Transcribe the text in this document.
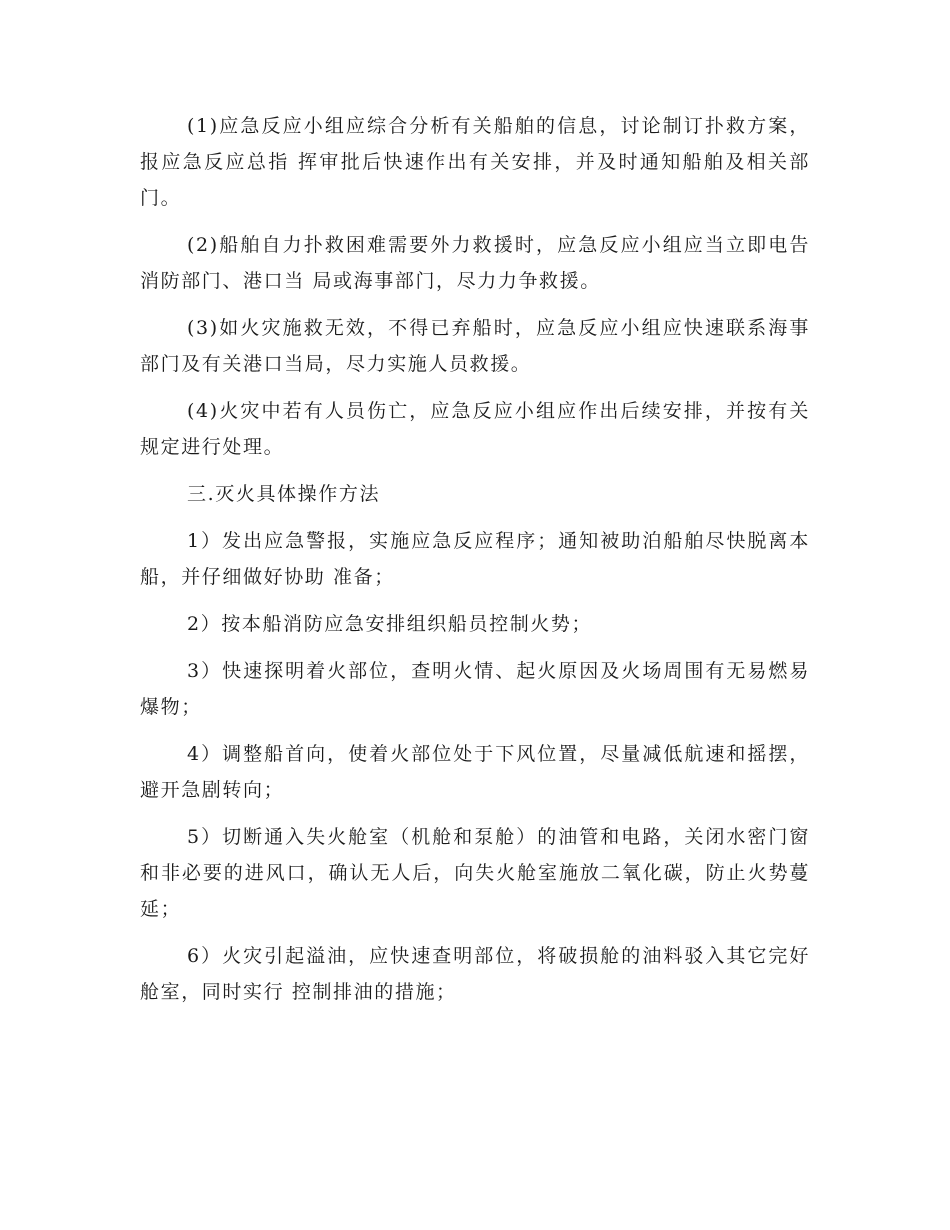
(1)应急反应小组应综合分析有关船舶的信息，讨论制订扑救方案，报应急反应总指 挥审批后快速作出有关安排，并及时通知船舶及相关部门。

(2)船舶自力扑救困难需要外力救援时，应急反应小组应当立即电告消防部门、港口当 局或海事部门，尽力力争救援。

(3)如火灾施救无效，不得已弃船时，应急反应小组应快速联系海事部门及有关港口当局，尽力实施人员救援。

(4)火灾中若有人员伤亡，应急反应小组应作出后续安排，并按有关规定进行处理。

三.灭火具体操作方法

1）发出应急警报，实施应急反应程序；通知被助泊船舶尽快脱离本船，并仔细做好协助 准备；

2）按本船消防应急安排组织船员控制火势；

3）快速探明着火部位，查明火情、起火原因及火场周围有无易燃易爆物；

4）调整船首向，使着火部位处于下风位置，尽量减低航速和摇摆，避开急剧转向；

5）切断通入失火舱室（机舱和泵舱）的油管和电路，关闭水密门窗和非必要的进风口，确认无人后，向失火舱室施放二氧化碳，防止火势蔓延；

6）火灾引起溢油，应快速查明部位，将破损舱的油料驳入其它完好舱室，同时实行 控制排油的措施；
